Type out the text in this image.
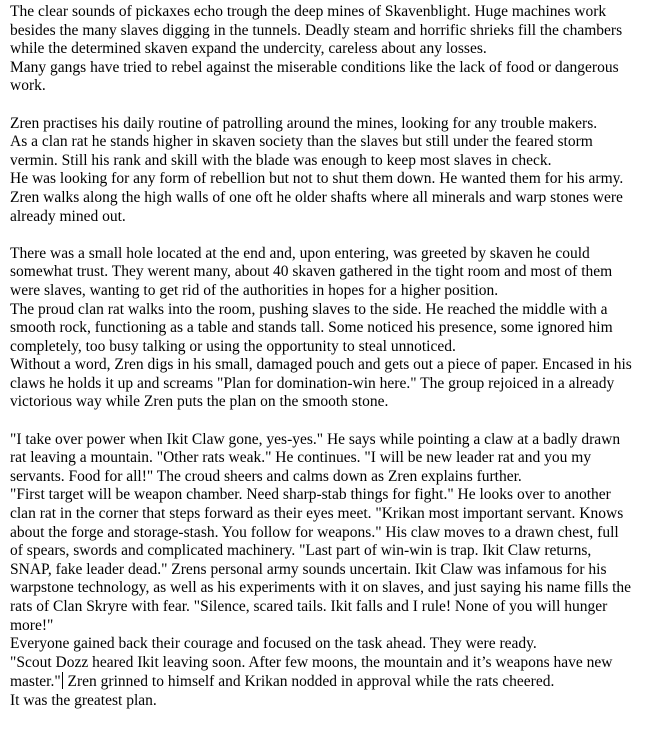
The clear sounds of pickaxes echo trough the deep mines of Skavenblight. Huge machines work
besides the many slaves digging in the tunnels. Deadly steam and horrific shrieks fill the chambers
while the determined skaven expand the undercity, careless about any losses.
Many gangs have tried to rebel against the miserable conditions like the lack of food or dangerous
work.
Zren practises his daily routine of patrolling around the mines, looking for any trouble makers.
As a clan rat he stands higher in skaven society than the slaves but still under the feared storm
vermin. Still his rank and skill with the blade was enough to keep most slaves in check.
He was looking for any form of rebellion but not to shut them down. He wanted them for his army.
Zren walks along the high walls of one oft he older shafts where all minerals and warp stones were
already mined out.
There was a small hole located at the end and, upon entering, was greeted by skaven he could
somewhat trust. They werent many, about 40 skaven gathered in the tight room and most of them
were slaves, wanting to get rid of the authorities in hopes for a higher position.
The proud clan rat walks into the room, pushing slaves to the side. He reached the middle with a
smooth rock, functioning as a table and stands tall. Some noticed his presence, some ignored him
completely, too busy talking or using the opportunity to steal unnoticed.
Without a word, Zren digs in his small, damaged pouch and gets out a piece of paper. Encased in his
claws he holds it up and screams "Plan for domination-win here." The group rejoiced in a already
victorious way while Zren puts the plan on the smooth stone.
"I take over power when Ikit Claw gone, yes-yes." He says while pointing a claw at a badly drawn
rat leaving a mountain. "Other rats weak." He continues. "I will be new leader rat and you my
servants. Food for all!" The croud sheers and calms down as Zren explains further.
"First target will be weapon chamber. Need sharp-stab things for fight." He looks over to another
clan rat in the corner that steps forward as their eyes meet. "Krikan most important servant. Knows
about the forge and storage-stash. You follow for weapons." His claw moves to a drawn chest, full
of spears, swords and complicated machinery. "Last part of win-win is trap. Ikit Claw returns,
SNAP, fake leader dead." Zrens personal army sounds uncertain. Ikit Claw was infamous for his
warpstone technology, as well as his experiments with it on slaves, and just saying his name fills the
rats of Clan Skryre with fear. "Silence, scared tails. Ikit falls and I rule! None of you will hunger
more!"
Everyone gained back their courage and focused on the task ahead. They were ready.
"Scout Dozz heared Ikit leaving soon. After few moons, the mountain and it’s weapons have new
master." Zren grinned to himself and Krikan nodded in approval while the rats cheered.
It was the greatest plan.
